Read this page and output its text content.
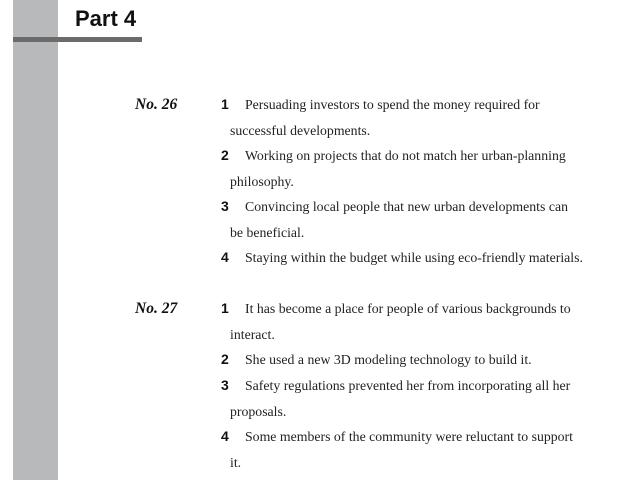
Part 4
No. 26	1 Persuading investors to spend the money required for
successful developments.
2 Working on projects that do not match her urban-planning
philosophy.
3 Convincing local people that new urban developments can
be beneficial.
4 Staying within the budget while using eco-friendly materials.
No. 27	1 It has become a place for people of various backgrounds to
interact.
2 She used a new 3D modeling technology to build it.
3 Safety regulations prevented her from incorporating all her
proposals.
4 Some members of the community were reluctant to support
it.
